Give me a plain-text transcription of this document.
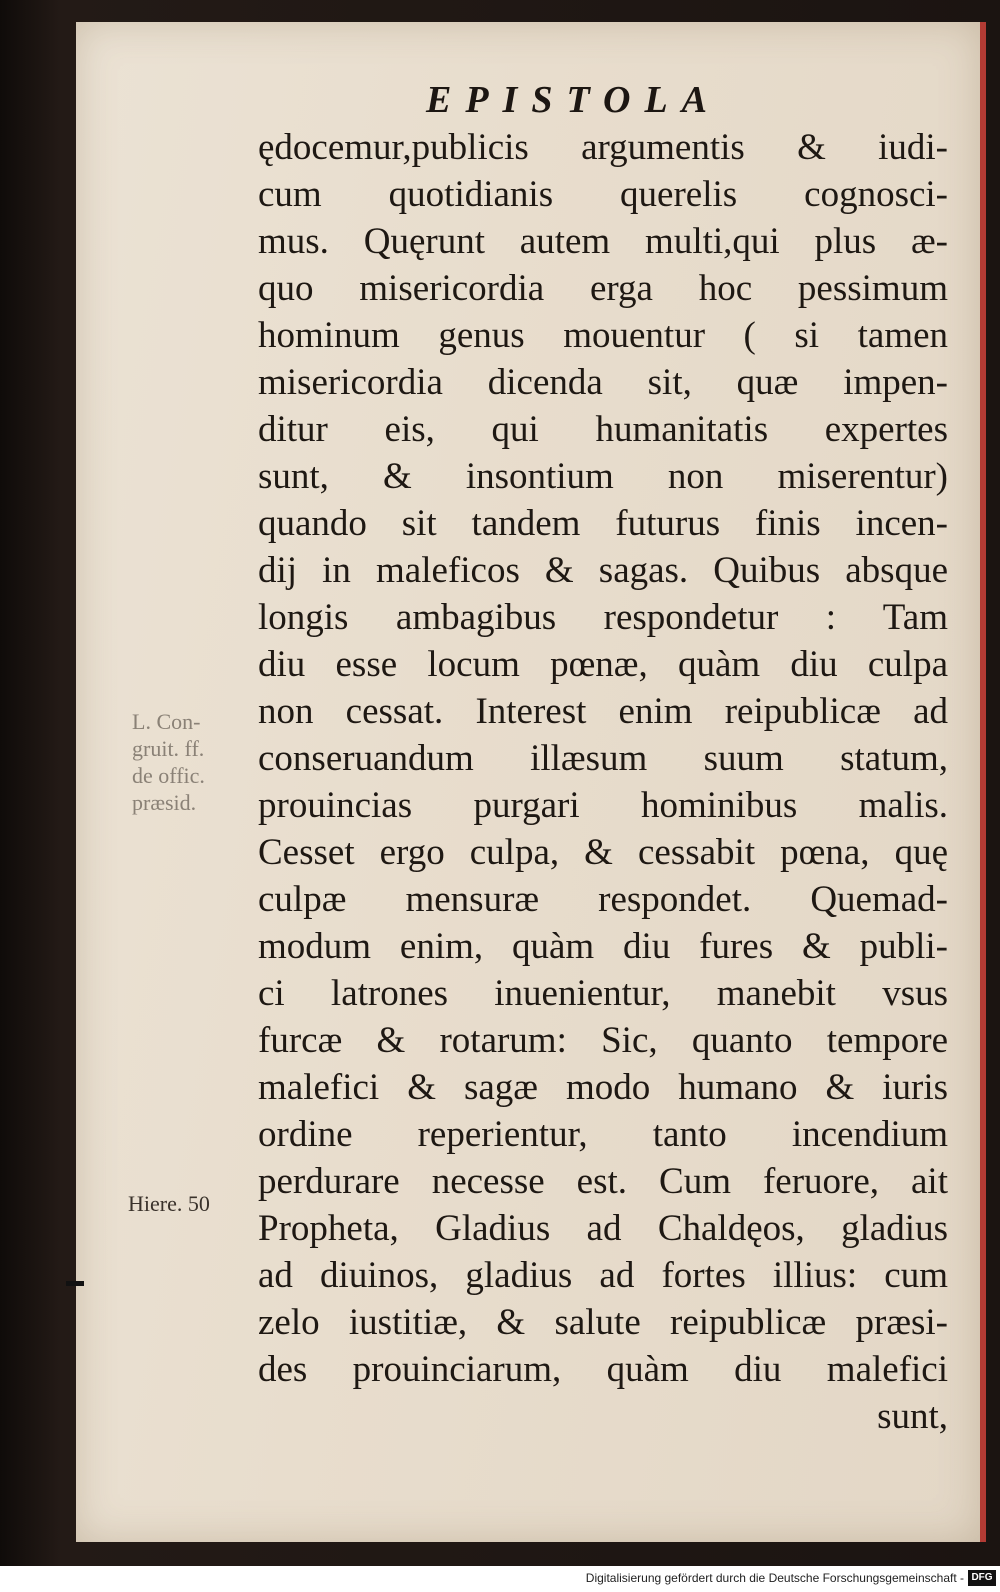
EPISTOLA
ędocemur,publicis argumentis & iudi-
cum quotidianis querelis cognosci-
mus. Quęrunt autem multi,qui plus æ-
quo misericordia erga hoc pessimum
hominum genus mouentur ( si tamen
misericordia dicenda sit, quæ impen-
ditur eis, qui humanitatis expertes
sunt, & insontium non miserentur)
quando sit tandem futurus finis incen-
dij in maleficos & sagas. Quibus absque
longis ambagibus respondetur : Tam
diu esse locum pœnæ, quàm diu culpa
non cessat. Interest enim reipublicæ ad
conseruandum illæsum suum statum,
prouincias purgari hominibus malis.
Cesset ergo culpa, & cessabit pœna, quę
culpæ mensuræ respondet. Quemad-
modum enim, quàm diu fures & publi-
ci latrones inuenientur, manebit vsus
furcæ & rotarum: Sic, quanto tempore
malefici & sagæ modo humano & iuris
ordine reperientur, tanto incendium
perdurare necesse est. Cum feruore, ait
Propheta, Gladius ad Chaldęos, gladius
ad diuinos, gladius ad fortes illius: cum
zelo iustitiæ, & salute reipublicæ præsi-
des prouinciarum, quàm diu malefici
sunt,
L. Con-
gruit. ff.
de offic.
præsid.
Hiere. 50
Digitalisierung gefördert durch die Deutsche Forschungsgemeinschaft - DFG
